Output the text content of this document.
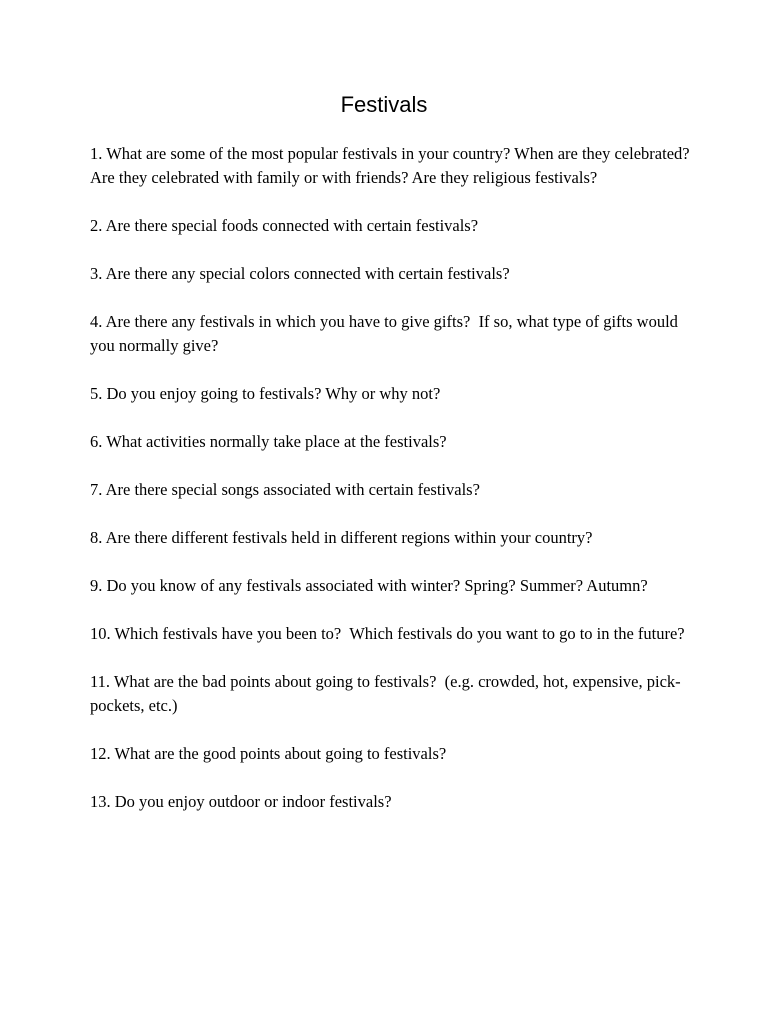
Festivals
1. What are some of the most popular festivals in your country? When are they celebrated? Are they celebrated with family or with friends? Are they religious festivals?
2. Are there special foods connected with certain festivals?
3. Are there any special colors connected with certain festivals?
4. Are there any festivals in which you have to give gifts?  If so, what type of gifts would you normally give?
5. Do you enjoy going to festivals? Why or why not?
6. What activities normally take place at the festivals?
7. Are there special songs associated with certain festivals?
8. Are there different festivals held in different regions within your country?
9. Do you know of any festivals associated with winter? Spring? Summer? Autumn?
10. Which festivals have you been to?  Which festivals do you want to go to in the future?
11. What are the bad points about going to festivals?  (e.g. crowded, hot, expensive, pick-pockets, etc.)
12. What are the good points about going to festivals?
13. Do you enjoy outdoor or indoor festivals?
